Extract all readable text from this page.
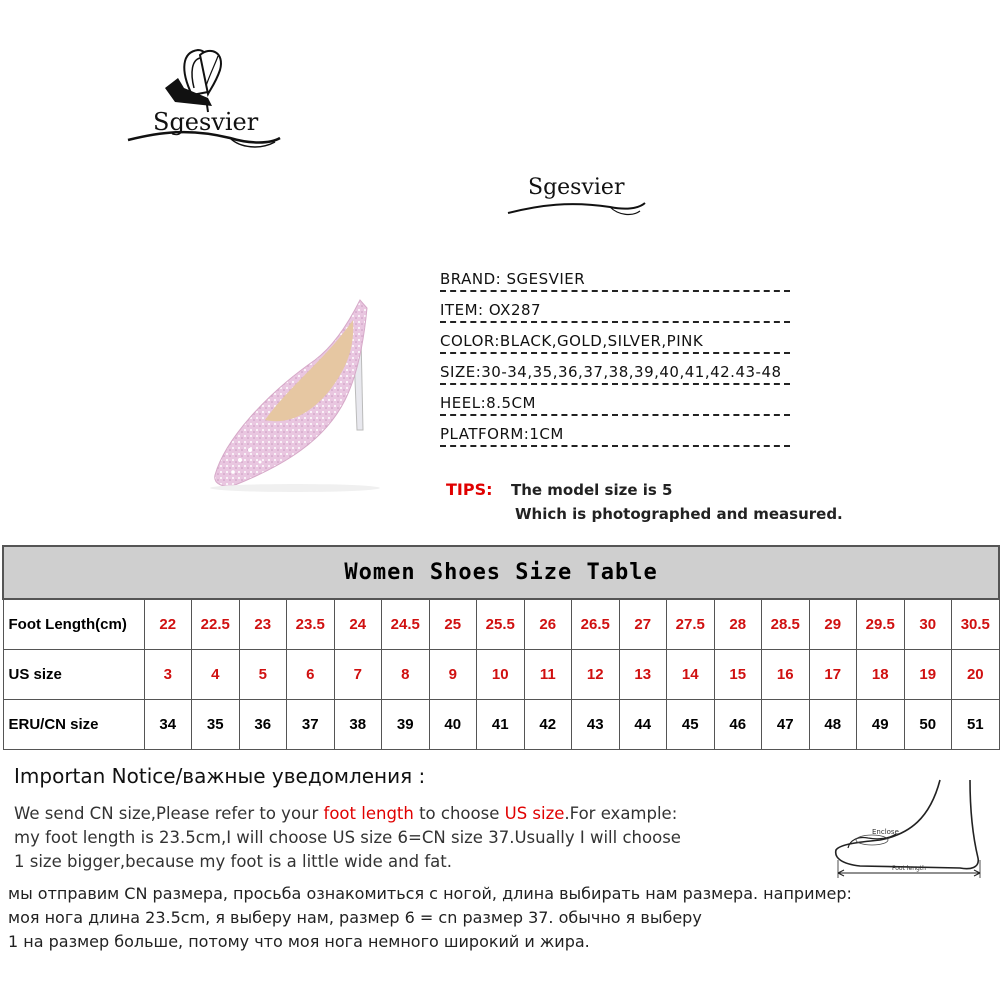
Sgesvier
Sgesvier
BRAND: SGESVIER
ITEM: OX287
COLOR:BLACK,GOLD,SILVER,PINK
SIZE:30-34,35,36,37,38,39,40,41,42.43-48
HEEL:8.5CM
PLATFORM:1CM
TIPS: The model size is 5
Which is photographed and measured.
Women Shoes Size Table																		
Foot Length(cm)	22	22.5	23	23.5	24	24.5	25	25.5	26	26.5	27	27.5	28	28.5	29	29.5	30	30.5
US size	3	4	5	6	7	8	9	10	11	12	13	14	15	16	17	18	19	20
ERU/CN size	34	35	36	37	38	39	40	41	42	43	44	45	46	47	48	49	50	51
Importan Notice/важные уведомления :
We send CN size,Please refer to your foot length to choose US size.For example:
my foot length is 23.5cm,I will choose US size 6=CN size 37.Usually I will choose
1 size bigger,because my foot is a little wide and fat.
мы отправим CN размера, просьба ознакомиться с ногой, длина выбирать нам размера. например:
моя нога длина 23.5cm, я выберу нам, размер 6 = cn размер 37. обычно я выберу
1 на размер больше, потому что моя нога немного широкий и жира.
Enclose
Foot length
